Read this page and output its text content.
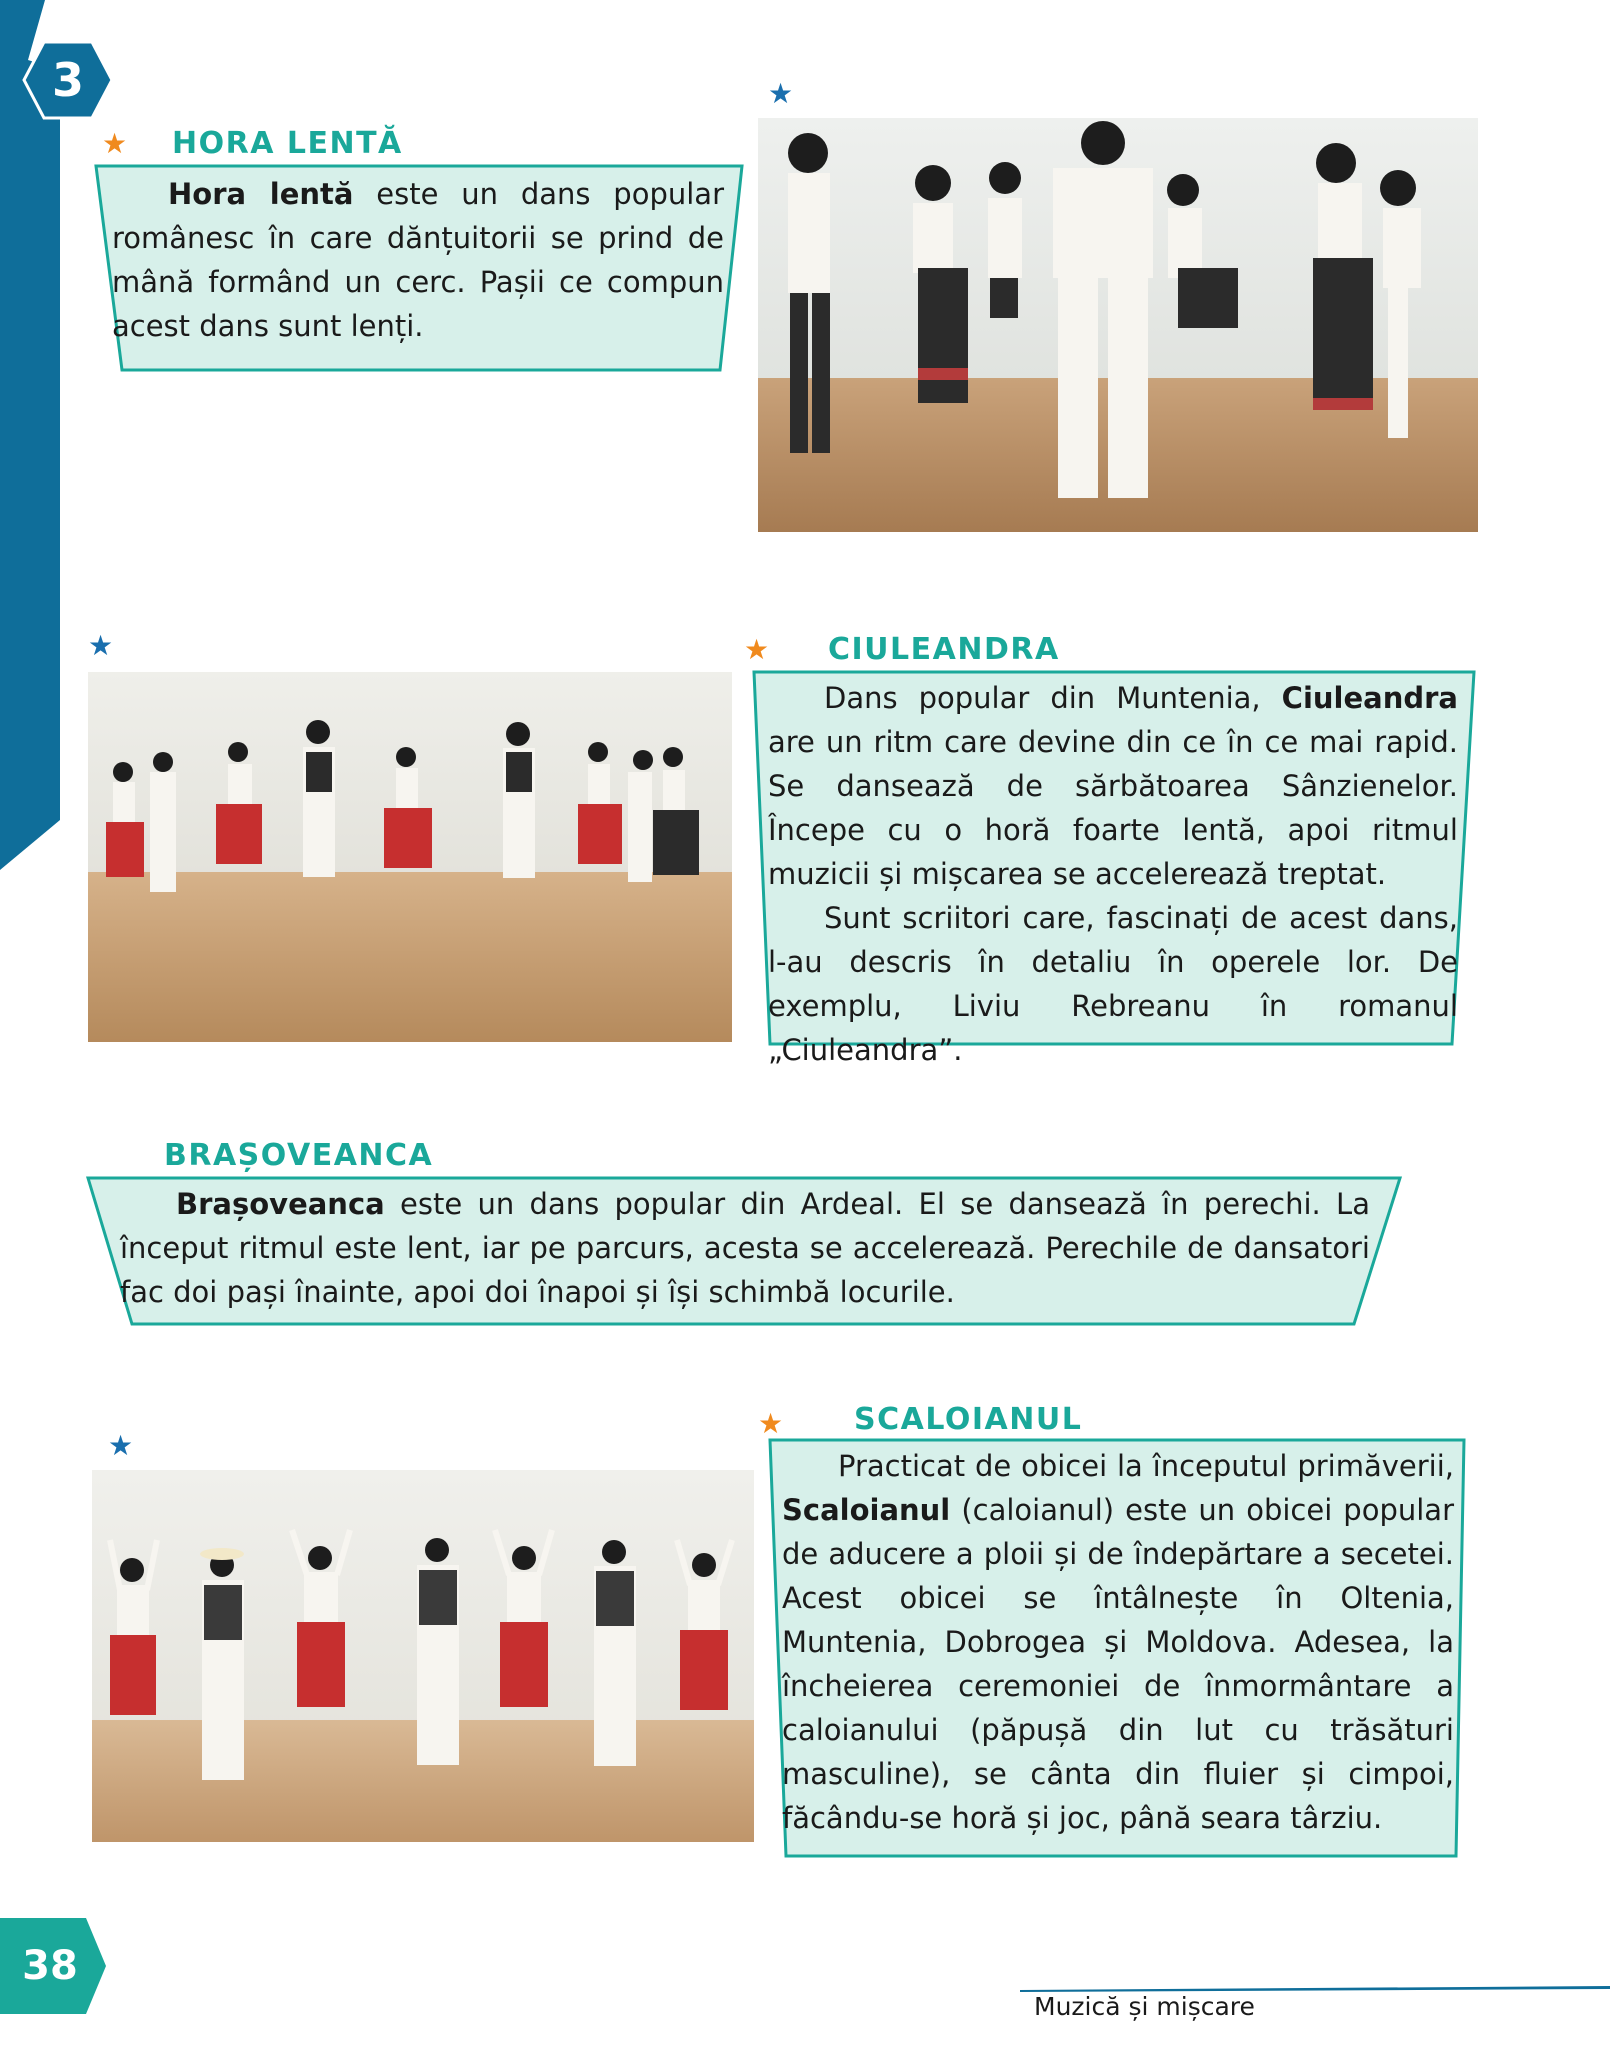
3
★ HORA LENTĂ

Hora lentă este un dans popular românesc în care dănțuitorii se prind de mână formând un cerc. Pașii ce compun acest dans sunt lenți.

★
★	★ CIULEANDRA

Dans popular din Muntenia, Ciuleandra are un ritm care devine din ce în ce mai rapid. Se dansează de sărbătoarea Sânzienelor. Începe cu o horă foarte lentă, apoi ritmul muzicii și mișcarea se accelerează treptat.

Sunt scriitori care, fascinați de acest dans, l-au descris în detaliu în operele lor. De exemplu, Liviu Rebreanu în romanul „Ciuleandra”.

BRAȘOVEANCA

Brașoveanca este un dans popular din Ardeal. El se dansează în perechi. La început ritmul este lent, iar pe parcurs, acesta se accelerează. Perechile de dansatori fac doi pași înainte, apoi doi înapoi și își schimbă locurile.

★
★ SCALOIANUL

Practicat de obicei la începutul primăverii, Scaloianul (caloianul) este un obicei popular de aducere a ploii și de îndepărtare a secetei. Acest obicei se întâlnește în Oltenia, Muntenia, Dobrogea și Moldova. Adesea, la încheierea ceremoniei de înmormântare a caloianului (păpușă din lut cu trăsături masculine), se cânta din fluier și cimpoi, făcându-se horă și joc, până seara târziu.

38
Muzică și mișcare
